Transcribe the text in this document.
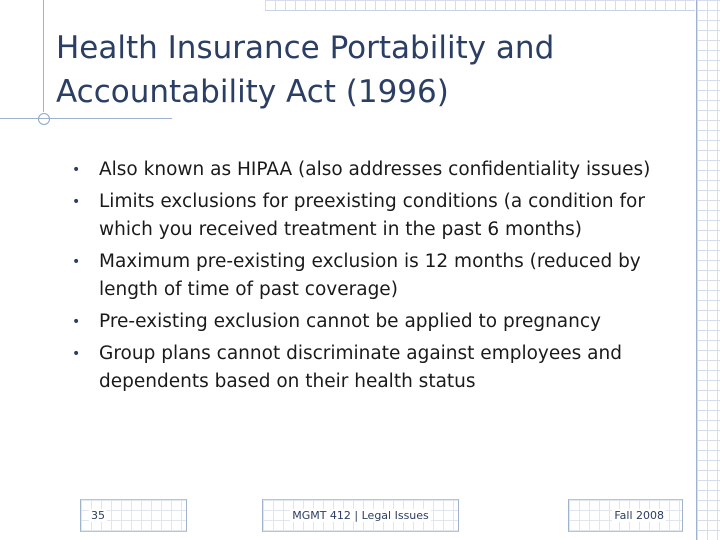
Health Insurance Portability and
Accountability Act (1996)
• Also known as HIPAA (also addresses confidentiality issues)
• Limits exclusions for preexisting conditions (a condition for which you received treatment in the past 6 months)
• Maximum pre-existing exclusion is 12 months (reduced by length of time of past coverage)
• Pre-existing exclusion cannot be applied to pregnancy
• Group plans cannot discriminate against employees and dependents based on their health status
35	MGMT 412 | Legal Issues	Fall 2008
